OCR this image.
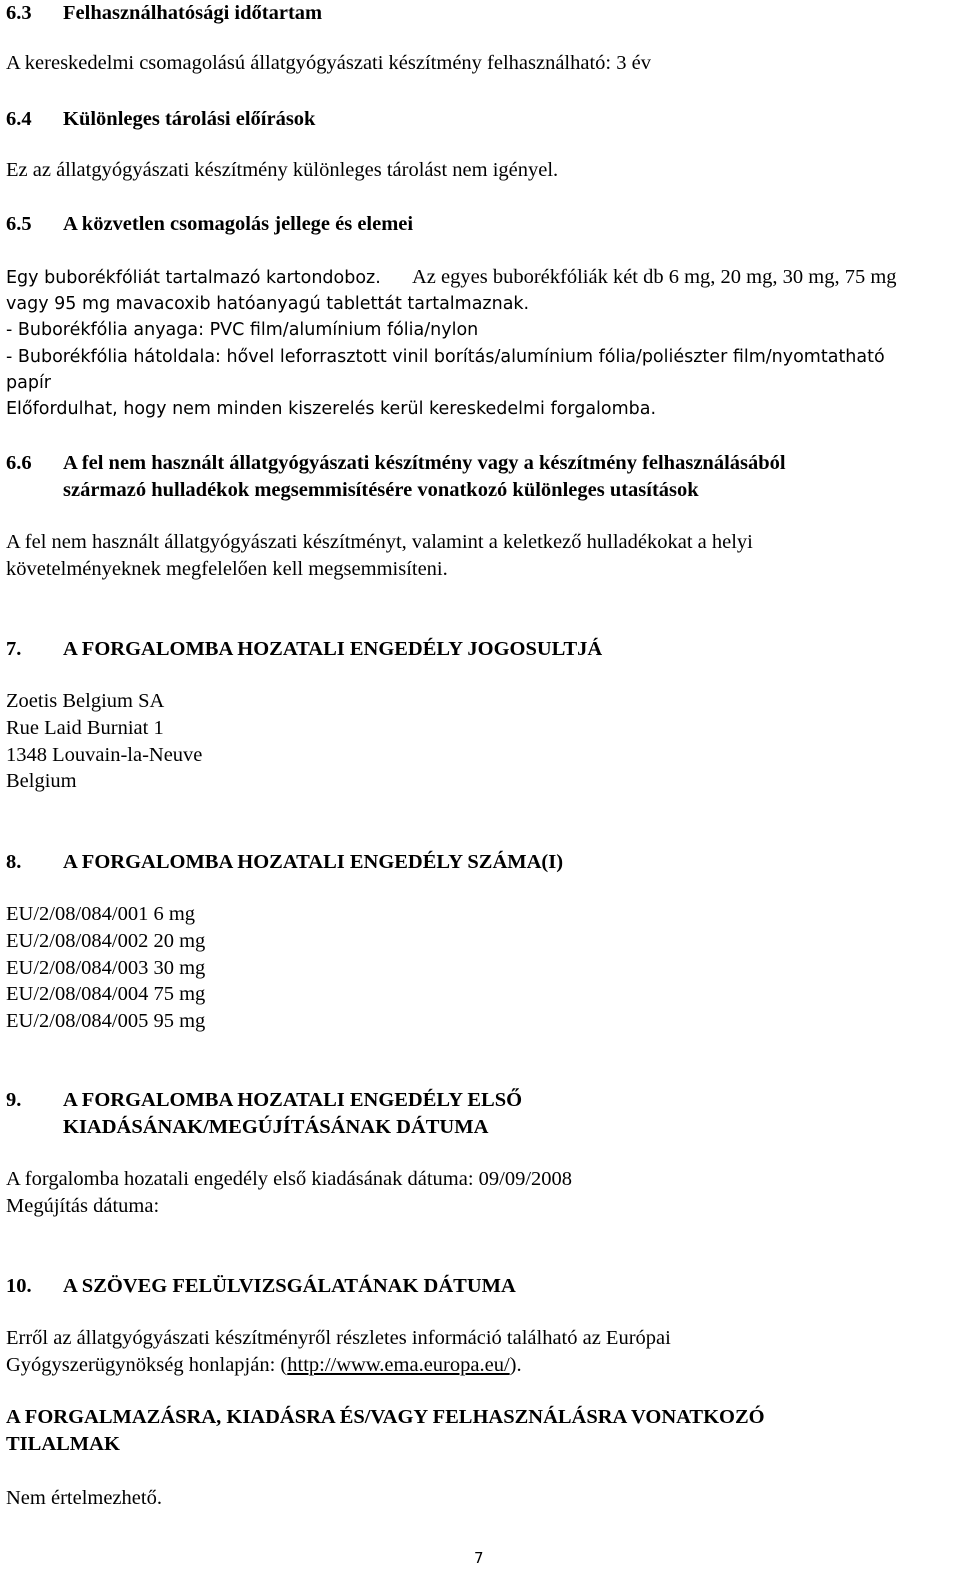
6.3 Felhasználhatósági időtartam
A kereskedelmi csomagolású állatgyógyászati készítmény felhasználható: 3 év
6.4 Különleges tárolási előírások
Ez az állatgyógyászati készítmény különleges tárolást nem igényel.
6.5 A közvetlen csomagolás jellege és elemei
Egy buborékfóliát tartalmazó kartondoboz. Az egyes buborékfóliák két db 6 mg, 20 mg, 30 mg, 75 mg
vagy 95 mg mavacoxib hatóanyagú tablettát tartalmaznak.
- Buborékfólia anyaga: PVC film/alumínium fólia/nylon
- Buborékfólia hátoldala: hővel leforrasztott vinil borítás/alumínium fólia/poliészter film/nyomtatható
papír
Előfordulhat, hogy nem minden kiszerelés kerül kereskedelmi forgalomba.
6.6 A fel nem használt állatgyógyászati készítmény vagy a készítmény felhasználásából
származó hulladékok megsemmisítésére vonatkozó különleges utasítások
A fel nem használt állatgyógyászati készítményt, valamint a keletkező hulladékokat a helyi
követelményeknek megfelelően kell megsemmisíteni.
7. A FORGALOMBA HOZATALI ENGEDÉLY JOGOSULTJÁ
Zoetis Belgium SA
Rue Laid Burniat 1
1348 Louvain-la-Neuve
Belgium
8. A FORGALOMBA HOZATALI ENGEDÉLY SZÁMA(I)
EU/2/08/084/001 6 mg
EU/2/08/084/002 20 mg
EU/2/08/084/003 30 mg
EU/2/08/084/004 75 mg
EU/2/08/084/005 95 mg
9. A FORGALOMBA HOZATALI ENGEDÉLY ELSŐ
KIADÁSÁNAK/MEGÚJÍTÁSÁNAK DÁTUMA
A forgalomba hozatali engedély első kiadásának dátuma: 09/09/2008
Megújítás dátuma:
10. A SZÖVEG FELÜLVIZSGÁLATÁNAK DÁTUMA
Erről az állatgyógyászati készítményről részletes információ található az Európai
Gyógyszerügynökség honlapján: (http://www.ema.europa.eu/).
A FORGALMAZÁSRA, KIADÁSRA ÉS/VAGY FELHASZNÁLÁSRA VONATKOZÓ
TILALMAK
Nem értelmezhető.
7
